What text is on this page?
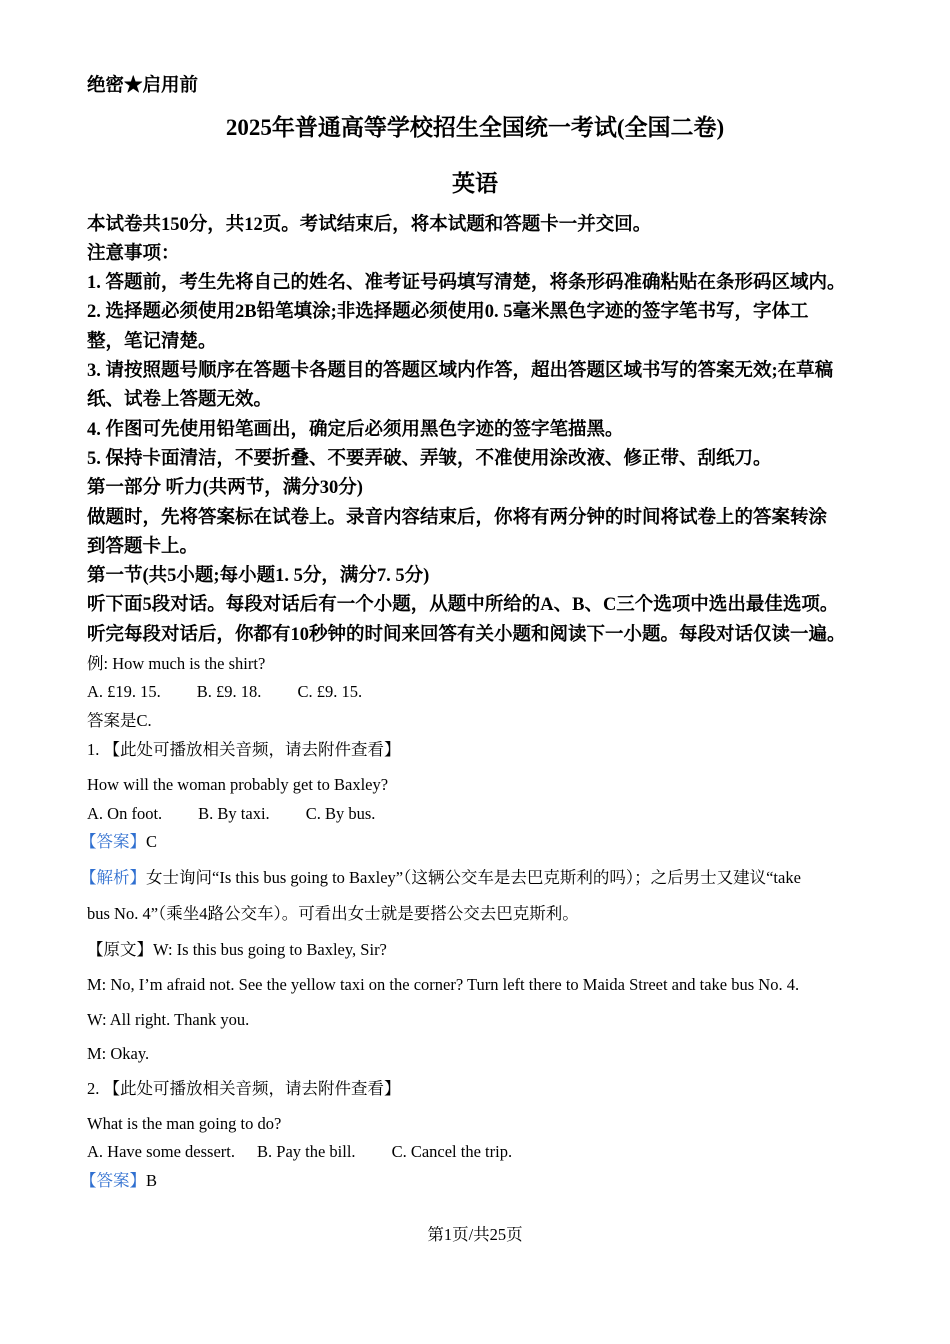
绝密★启用前
2025年普通高等学校招生全国统一考试(全国二卷)
英语
本试卷共150分，共12页。考试结束后，将本试题和答题卡一并交回。
注意事项：
1. 答题前，考生先将自己的姓名、准考证号码填写清楚，将条形码准确粘贴在条形码区域内。
2. 选择题必须使用2B铅笔填涂;非选择题必须使用0. 5毫米黑色字迹的签字笔书写，字体工
整，笔记清楚。
3. 请按照题号顺序在答题卡各题目的答题区域内作答，超出答题区域书写的答案无效;在草稿
纸、试卷上答题无效。
4. 作图可先使用铅笔画出，确定后必须用黑色字迹的签字笔描黑。
5. 保持卡面清洁，不要折叠、不要弄破、弄皱，不准使用涂改液、修正带、刮纸刀。
第一部分 听力(共两节，满分30分)
做题时，先将答案标在试卷上。录音内容结束后，你将有两分钟的时间将试卷上的答案转涂
到答题卡上。
第一节(共5小题;每小题1. 5分，满分7. 5分)
听下面5段对话。每段对话后有一个小题，从题中所给的A、B、C三个选项中选出最佳选项。
听完每段对话后，你都有10秒钟的时间来回答有关小题和阅读下一小题。每段对话仅读一遍。
例: How much is the shirt?
A. £19. 15. B. £9. 18. C. £9. 15.
答案是C.
1. 【此处可播放相关音频，请去附件查看】
How will the woman probably get to Baxley?
A. On foot. B. By taxi. C. By bus.
【答案】C
【解析】女士询问“Is this bus going to Baxley”（这辆公交车是去巴克斯利的吗）；之后男士又建议“take
bus No. 4”（乘坐4路公交车）。可看出女士就是要搭公交去巴克斯利。
【原文】W: Is this bus going to Baxley, Sir?
M: No, I’m afraid not. See the yellow taxi on the corner? Turn left there to Maida Street and take bus No. 4.
W: All right. Thank you.
M: Okay.
2. 【此处可播放相关音频，请去附件查看】
What is the man going to do?
A. Have some dessert. B. Pay the bill. C. Cancel the trip.
【答案】B
第1页/共25页
